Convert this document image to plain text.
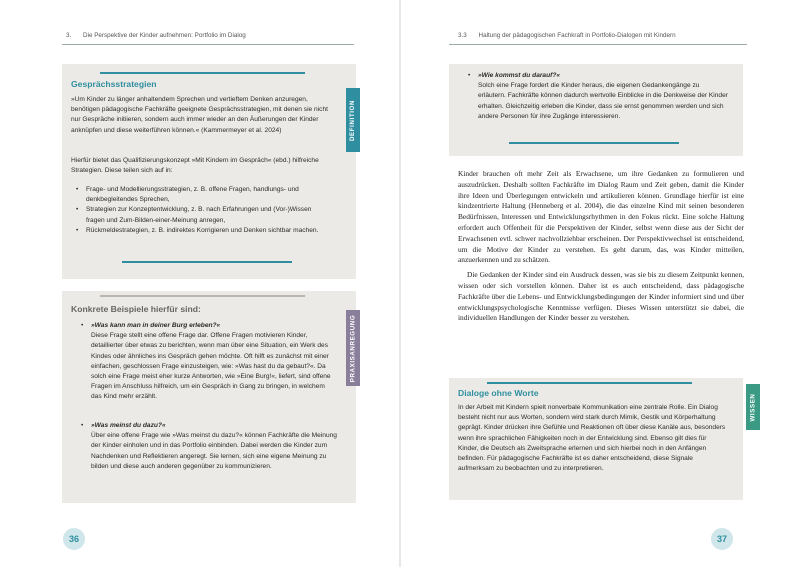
3. Die Perspektive der Kinder aufnehmen: Portfolio im Dialog
Gesprächsstrategien

»Um Kinder zu länger anhaltendem Sprechen und vertieftem Denken anzuregen, benötigen pädagogische Fachkräfte geeignete Gesprächsstrategien, mit denen sie nicht nur Gespräche initiieren, sondern auch immer wieder an den Äußerungen der Kinder anknüpfen und diese weiterführen können.« (Kammermeyer et al. 2024)

Hierfür bietet das Qualifizierungskonzept »Mit Kindern im Gespräch« (ebd.) hilfreiche Strategien. Diese teilen sich auf in:

• Frage- und Modellierungsstrategien, z. B. offene Fragen, handlungs- und denkbegleitendes Sprechen,
• Strategien zur Konzeptentwicklung, z. B. nach Erfahrungen und (Vor-)Wissen fragen und Zum-Bilden-einer-Meinung anregen,
• Rückmeldestrategien, z. B. indirektes Korrigieren und Denken sichtbar machen.
DEFINITION
Konkrete Beispiele hierfür sind:
• »Was kann man in deiner Burg erleben?«
Diese Frage stellt eine offene Frage dar. Offene Fragen motivieren Kinder, detaillierter über etwas zu berichten, wenn man über eine Situation, ein Werk des Kindes oder ähnliches ins Gespräch gehen möchte. Oft hilft es zunächst mit einer einfachen, geschlossen Frage einzusteigen, wie: »Was hast du da gebaut?«. Da solch eine Frage meist eher kurze Antworten, wie »Eine Burg!«, liefert, sind offene Fragen im Anschluss hilfreich, um ein Gespräch in Gang zu bringen, in welchem das Kind mehr erzählt.
• »Was meinst du dazu?«
Über eine offene Frage wie »Was meinst du dazu?« können Fachkräfte die Meinung der Kinder einholen und in das Portfolio einbinden. Dabei werden die Kinder zum Nachdenken und Reflektieren angeregt. Sie lernen, sich eine eigene Meinung zu bilden und diese auch anderen gegenüber zu kommunizieren.
PRAXISANREGUNG
36
3.3 Haltung der pädagogischen Fachkraft in Portfolio-Dialogen mit Kindern
• »Wie kommst du darauf?«
Solch eine Frage fordert die Kinder heraus, die eigenen Gedankengänge zu erläutern. Fachkräfte können dadurch wertvolle Einblicke in die Denkweise der Kinder erhalten. Gleichzeitig erleben die Kinder, dass sie ernst genommen werden und sich andere Personen für ihre Zugänge interessieren.

Kinder brauchen oft mehr Zeit als Erwachsene, um ihre Gedanken zu formulieren und auszudrücken. Deshalb sollten Fachkräfte im Dialog Raum und Zeit geben, damit die Kinder ihre Ideen und Überlegungen entwickeln und artikulieren können. Grundlage hierfür ist eine kindzentrierte Haltung (Henneberg et al. 2004), die das einzelne Kind mit seinen besonderen Bedürfnissen, Interessen und Entwicklungsrhythmen in den Fokus rückt. Eine solche Haltung erfordert auch Offenheit für die Perspektiven der Kinder, selbst wenn diese aus der Sicht der Erwachsenen evtl. schwer nachvollziehbar erscheinen. Der Perspektivwechsel ist entscheidend, um die Motive der Kinder zu verstehen. Es geht darum, das, was Kinder mitteilen, anzuerkennen und zu schätzen.

Die Gedanken der Kinder sind ein Ausdruck dessen, was sie bis zu diesem Zeitpunkt kennen, wissen oder sich vorstellen können. Daher ist es auch entscheidend, dass pädagogische Fachkräfte über die Lebens- und Entwicklungsbedingungen der Kinder informiert sind und über entwicklungspsychologische Kenntnisse verfügen. Dieses Wissen unterstützt sie dabei, die individuellen Handlungen der Kinder besser zu verstehen.

Dialoge ohne Worte

In der Arbeit mit Kindern spielt nonverbale Kommunikation eine zentrale Rolle. Ein Dialog besteht nicht nur aus Worten, sondern wird stark durch Mimik, Gestik und Körperhaltung geprägt. Kinder drücken ihre Gefühle und Reaktionen oft über diese Kanäle aus, besonders wenn ihre sprachlichen Fähigkeiten noch in der Entwicklung sind. Ebenso gilt dies für Kinder, die Deutsch als Zweitsprache erlernen und sich hierbei noch in den Anfängen befinden. Für pädagogische Fachkräfte ist es daher entscheidend, diese Signale aufmerksam zu beobachten und zu interpretieren.

WISSEN
37
